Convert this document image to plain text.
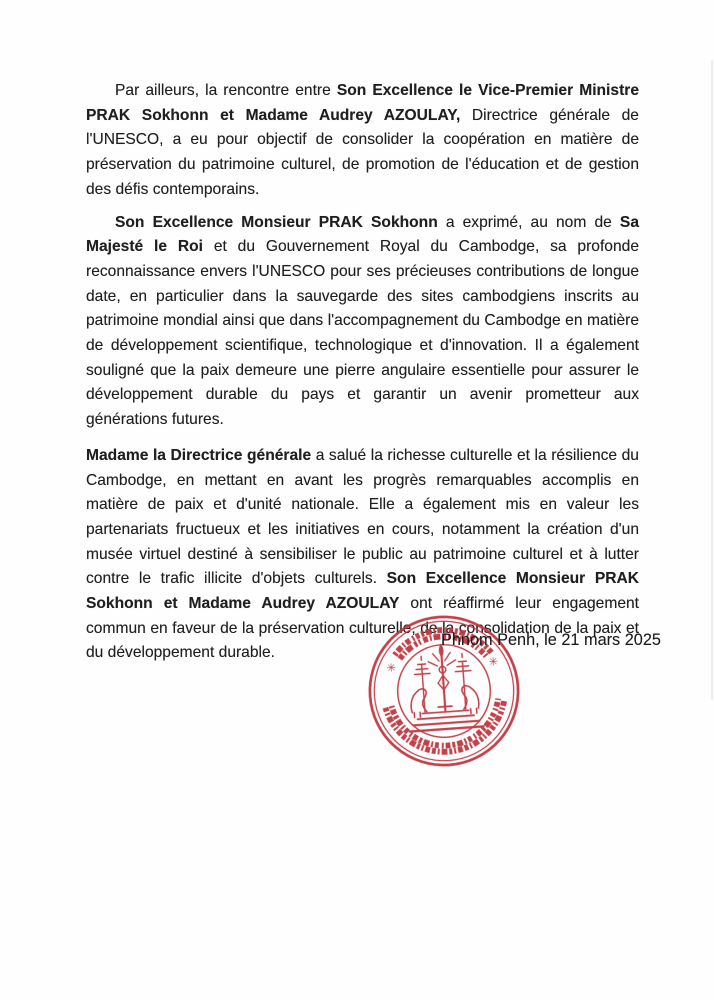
Par ailleurs, la rencontre entre Son Excellence le Vice-Premier Ministre PRAK Sokhonn et Madame Audrey AZOULAY, Directrice générale de l'UNESCO, a eu pour objectif de consolider la coopération en matière de préservation du patrimoine culturel, de promotion de l'éducation et de gestion des défis contemporains.

Son Excellence Monsieur PRAK Sokhonn a exprimé, au nom de Sa Majesté le Roi et du Gouvernement Royal du Cambodge, sa profonde reconnaissance envers l'UNESCO pour ses précieuses contributions de longue date, en particulier dans la sauvegarde des sites cambodgiens inscrits au patrimoine mondial ainsi que dans l'accompagnement du Cambodge en matière de développement scientifique, technologique et d'innovation. Il a également souligné que la paix demeure une pierre angulaire essentielle pour assurer le développement durable du pays et garantir un avenir prometteur aux générations futures.

Madame la Directrice générale a salué la richesse culturelle et la résilience du Cambodge, en mettant en avant les progrès remarquables accomplis en matière de paix et d'unité nationale. Elle a également mis en valeur les partenariats fructueux et les initiatives en cours, notamment la création d'un musée virtuel destiné à sensibiliser le public au patrimoine culturel et à lutter contre le trafic illicite d'objets culturels. Son Excellence Monsieur PRAK Sokhonn et Madame Audrey AZOULAY ont réaffirmé leur engagement commun en faveur de la préservation culturelle, de la consolidation de la paix et du développement durable.

✳	✳
Phnom Penh, le 21 mars 2025
